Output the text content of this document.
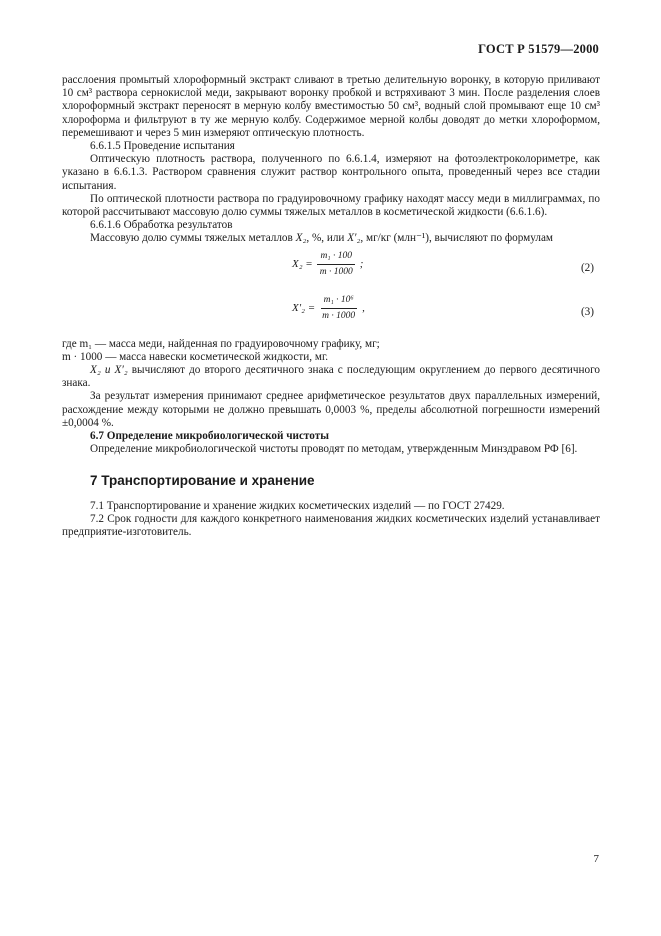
ГОСТ Р 51579—2000

расслоения промытый хлороформный экстракт сливают в третью делительную воронку, в которую приливают 10 см³ раствора сернокислой меди, закрывают воронку пробкой и встряхивают 3 мин. После разделения слоев хлороформный экстракт переносят в мерную колбу вместимостью 50 см³, водный слой промывают еще 10 см³ хлороформа и фильтруют в ту же мерную колбу. Содержимое мерной колбы доводят до метки хлороформом, перемешивают и через 5 мин измеряют оптическую плотность.

6.6.1.5 Проведение испытания

Оптическую плотность раствора, полученного по 6.6.1.4, измеряют на фотоэлектроколориметре, как указано в 6.6.1.3. Раствором сравнения служит раствор контрольного опыта, проведенный через все стадии испытания.

По оптической плотности раствора по градуировочному графику находят массу меди в миллиграммах, по которой рассчитывают массовую долю суммы тяжелых металлов в косметической жидкости (6.6.1.6).

6.6.1.6 Обработка результатов

Массовую долю суммы тяжелых металлов X₂, %, или X′₂, мг/кг (млн⁻¹), вычисляют по формулам

$X_2 = \frac{\text{m₁ · 100}}{m \cdot 1000}$ ;	(2)
$X'_2 = \frac{\text{m₁ · 10⁶}}{m \cdot 1000}$ ,	(3)

где m₁ — масса меди, найденная по градуировочному графику, мг;

m · 1000 — масса навески косметической жидкости, мг.

X₂ и X′₂ вычисляют до второго десятичного знака с последующим округлением до первого десятичного знака.

За результат измерения принимают среднее арифметическое результатов двух параллельных измерений, расхождение между которыми не должно превышать 0,0003 %, пределы абсолютной погрешности измерений ±0,0004 %.

6.7 Определение микробиологической чистоты

Определение микробиологической чистоты проводят по методам, утвержденным Минздравом РФ [6].

7 Транспортирование и хранение

7.1 Транспортирование и хранение жидких косметических изделий — по ГОСТ 27429.

7.2 Срок годности для каждого конкретного наименования жидких косметических изделий устанавливает предприятие-изготовитель.

7
